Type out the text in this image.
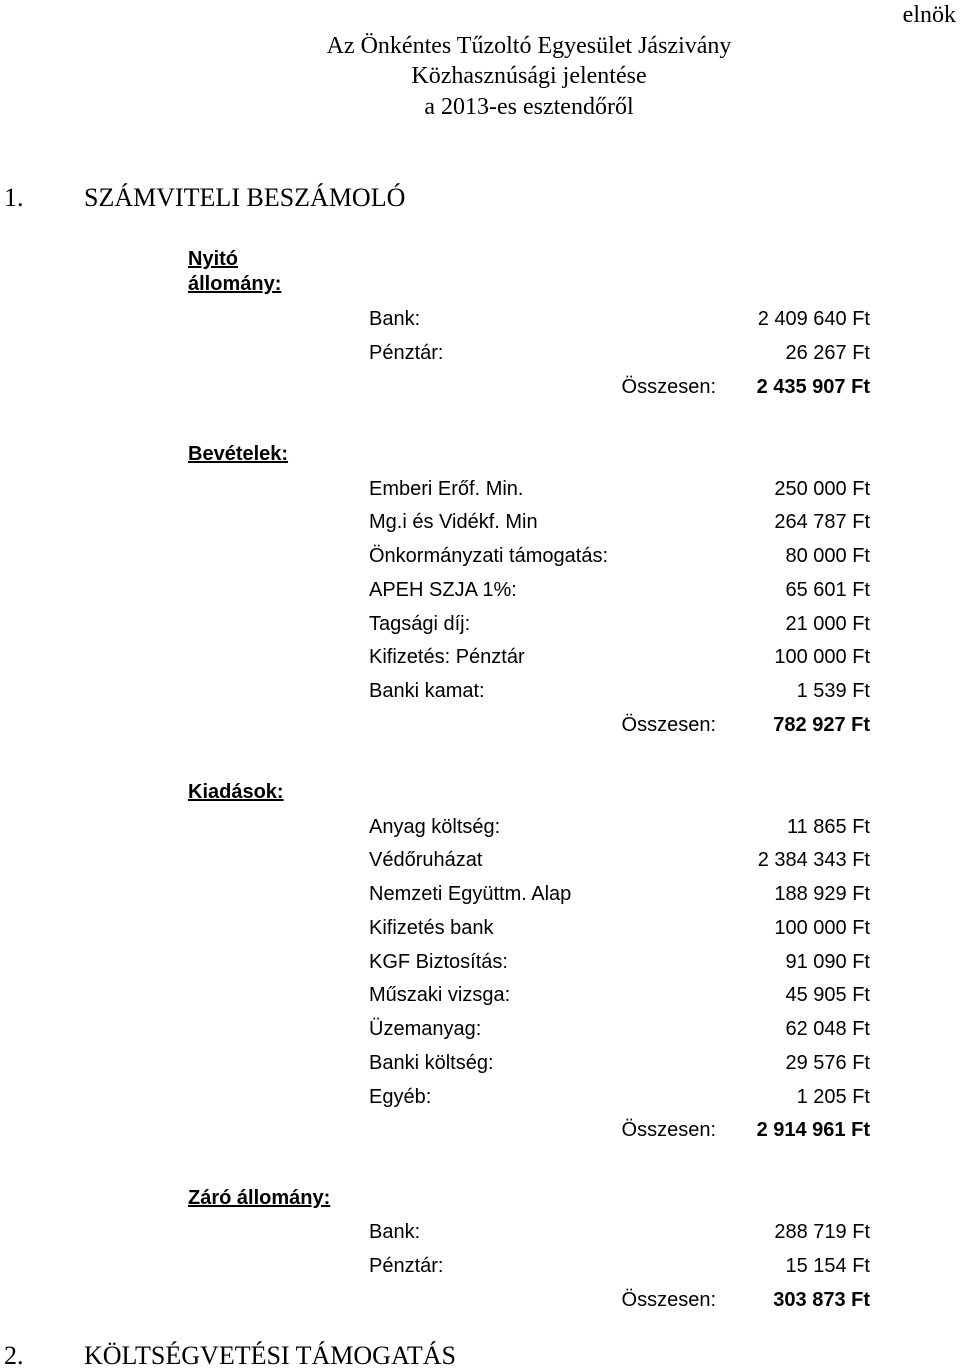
elnök
Az Önkéntes Tűzoltó Egyesület Jászivány
Közhasznúsági jelentése
a 2013-es esztendőről
1. SZÁMVITELI BESZÁMOLÓ
Nyitó
állomány:
Bank:	2 409 640 Ft
Pénztár:	26 267 Ft
Összesen:	2 435 907 Ft
Bevételek:
Emberi Erőf. Min.	250 000 Ft
Mg.i és Vidékf. Min	264 787 Ft
Önkormányzati támogatás:	80 000 Ft
APEH SZJA 1%:	65 601 Ft
Tagsági díj:	21 000 Ft
Kifizetés: Pénztár	100 000 Ft
Banki kamat:	1 539 Ft
Összesen:	782 927 Ft
Kiadások:
Anyag költség:	11 865 Ft
Védőruházat	2 384 343 Ft
Nemzeti Együttm. Alap	188 929 Ft
Kifizetés bank	100 000 Ft
KGF Biztosítás:	91 090 Ft
Műszaki vizsga:	45 905 Ft
Üzemanyag:	62 048 Ft
Banki költség:	29 576 Ft
Egyéb:	1 205 Ft
Összesen:	2 914 961 Ft
Záró állomány:
Bank:	288 719 Ft
Pénztár:	15 154 Ft
Összesen:	303 873 Ft
2. KÖLTSÉGVETÉSI TÁMOGATÁS
